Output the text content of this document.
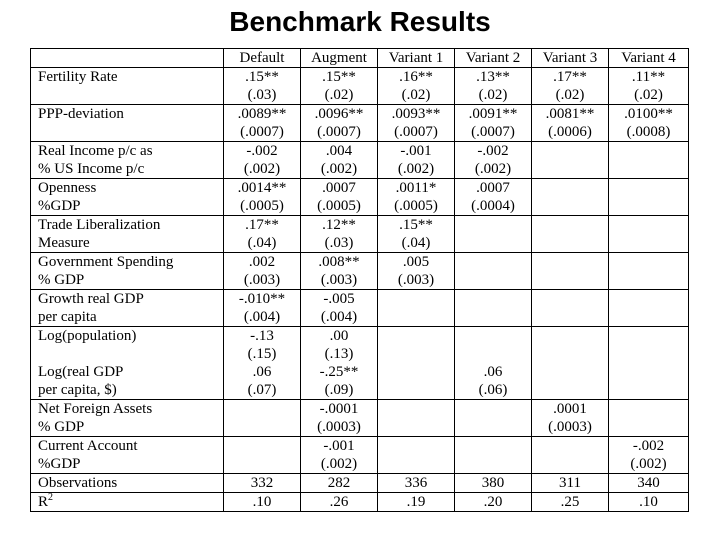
Benchmark Results
	Default	Augment	Variant 1	Variant 2	Variant 3	Variant 4
Fertility Rate	.15**	.15**	.16**	.13**	.17**	.11**
	(.03)	(.02)	(.02)	(.02)	(.02)	(.02)
PPP-deviation	.0089**	.0096**	.0093**	.0091**	.0081**	.0100**
	(.0007)	(.0007)	(.0007)	(.0007)	(.0006)	(.0008)
Real Income p/c as	-.002	.004	-.001	-.002		
% US Income p/c	(.002)	(.002)	(.002)	(.002)		
Openness	.0014**	.0007	.0011*	.0007		
%GDP	(.0005)	(.0005)	(.0005)	(.0004)		
Trade Liberalization	.17**	.12**	.15**			
Measure	(.04)	(.03)	(.04)			
Government Spending	.002	.008**	.005			
% GDP	(.003)	(.003)	(.003)			
Growth real GDP	-.010**	-.005				
per capita	(.004)	(.004)				
Log(population)	-.13	.00				
	(.15)	(.13)				
Log(real GDP	.06	-.25**		.06		
per capita, $)	(.07)	(.09)		(.06)		
Net Foreign Assets		-.0001			.0001	
% GDP		(.0003)			(.0003)	
Current Account		-.001				-.002
%GDP		(.002)				(.002)
Observations	332	282	336	380	311	340
$R^2$	.10	.26	.19	.20	.25	.10
